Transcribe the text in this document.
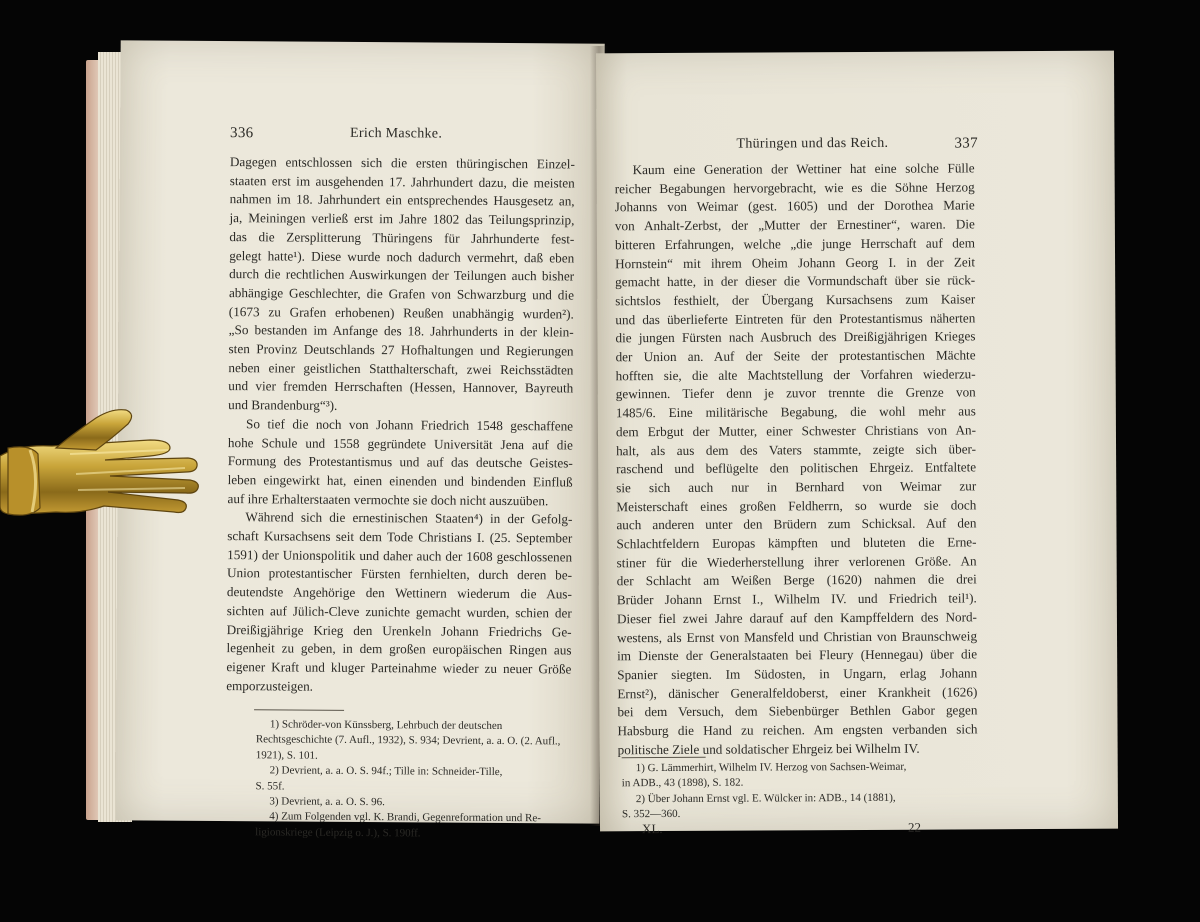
336	Erich Maschke.
Dagegen entschlossen sich die ersten thüringischen Einzel-
staaten erst im ausgehenden 17. Jahrhundert dazu, die meisten
nahmen im 18. Jahrhundert ein entsprechendes Hausgesetz an,
ja, Meiningen verließ erst im Jahre 1802 das Teilungsprinzip,
das die Zersplitterung Thüringens für Jahrhunderte fest-
gelegt hatte¹). Diese wurde noch dadurch vermehrt, daß eben
durch die rechtlichen Auswirkungen der Teilungen auch bisher
abhängige Geschlechter, die Grafen von Schwarzburg und die
(1673 zu Grafen erhobenen) Reußen unabhängig wurden²).
„So bestanden im Anfange des 18. Jahrhunderts in der klein-
sten Provinz Deutschlands 27 Hofhaltungen und Regierungen
neben einer geistlichen Statthalterschaft, zwei Reichsstädten
und vier fremden Herrschaften (Hessen, Hannover, Bayreuth
und Brandenburg“³).
So tief die noch von Johann Friedrich 1548 geschaffene
hohe Schule und 1558 gegründete Universität Jena auf die
Formung des Protestantismus und auf das deutsche Geistes-
leben eingewirkt hat, einen einenden und bindenden Einfluß
auf ihre Erhalterstaaten vermochte sie doch nicht auszuüben.
Während sich die ernestinischen Staaten⁴) in der Gefolg-
schaft Kursachsens seit dem Tode Christians I. (25. September
1591) der Unionspolitik und daher auch der 1608 geschlossenen
Union protestantischer Fürsten fernhielten, durch deren be-
deutendste Angehörige den Wettinern wiederum die Aus-
sichten auf Jülich-Cleve zunichte gemacht wurden, schien der
Dreißigjährige Krieg den Urenkeln Johann Friedrichs Ge-
legenheit zu geben, in dem großen europäischen Ringen aus
eigener Kraft und kluger Parteinahme wieder zu neuer Größe
emporzusteigen.
1) Schröder-von Künssberg, Lehrbuch der deutschen
Rechtsgeschichte (7. Aufl., 1932), S. 934; Devrient, a. a. O. (2. Aufl.,
1921), S. 101.
2) Devrient, a. a. O. S. 94f.; Tille in: Schneider-Tille,
S. 55f.
3) Devrient, a. a. O. S. 96.
4) Zum Folgenden vgl. K. Brandi, Gegenreformation und Re-
ligionskriege (Leipzig o. J.), S. 190ff.
Thüringen und das Reich.	337
Kaum eine Generation der Wettiner hat eine solche Fülle
reicher Begabungen hervorgebracht, wie es die Söhne Herzog
Johanns von Weimar (gest. 1605) und der Dorothea Marie
von Anhalt-Zerbst, der „Mutter der Ernestiner“, waren. Die
bitteren Erfahrungen, welche „die junge Herrschaft auf dem
Hornstein“ mit ihrem Oheim Johann Georg I. in der Zeit
gemacht hatte, in der dieser die Vormundschaft über sie rück-
sichtslos festhielt, der Übergang Kursachsens zum Kaiser
und das überlieferte Eintreten für den Protestantismus näherten
die jungen Fürsten nach Ausbruch des Dreißigjährigen Krieges
der Union an. Auf der Seite der protestantischen Mächte
hofften sie, die alte Machtstellung der Vorfahren wiederzu-
gewinnen. Tiefer denn je zuvor trennte die Grenze von
1485/6. Eine militärische Begabung, die wohl mehr aus
dem Erbgut der Mutter, einer Schwester Christians von An-
halt, als aus dem des Vaters stammte, zeigte sich über-
raschend und beflügelte den politischen Ehrgeiz. Entfaltete
sie sich auch nur in Bernhard von Weimar zur
Meisterschaft eines großen Feldherrn, so wurde sie doch
auch anderen unter den Brüdern zum Schicksal. Auf den
Schlachtfeldern Europas kämpften und bluteten die Erne-
stiner für die Wiederherstellung ihrer verlorenen Größe. An
der Schlacht am Weißen Berge (1620) nahmen die drei
Brüder Johann Ernst I., Wilhelm IV. und Friedrich teil¹).
Dieser fiel zwei Jahre darauf auf den Kampffeldern des Nord-
westens, als Ernst von Mansfeld und Christian von Braunschweig
im Dienste der Generalstaaten bei Fleury (Hennegau) über die
Spanier siegten. Im Südosten, in Ungarn, erlag Johann
Ernst²), dänischer Generalfeldoberst, einer Krankheit (1626)
bei dem Versuch, dem Siebenbürger Bethlen Gabor gegen
Habsburg die Hand zu reichen. Am engsten verbanden sich
politische Ziele und soldatischer Ehrgeiz bei Wilhelm IV.
1) G. Lämmerhirt, Wilhelm IV. Herzog von Sachsen-Weimar,
in ADB., 43 (1898), S. 182.
2) Über Johann Ernst vgl. E. Wülcker in: ADB., 14 (1881),
S. 352—360.
XL.	22
